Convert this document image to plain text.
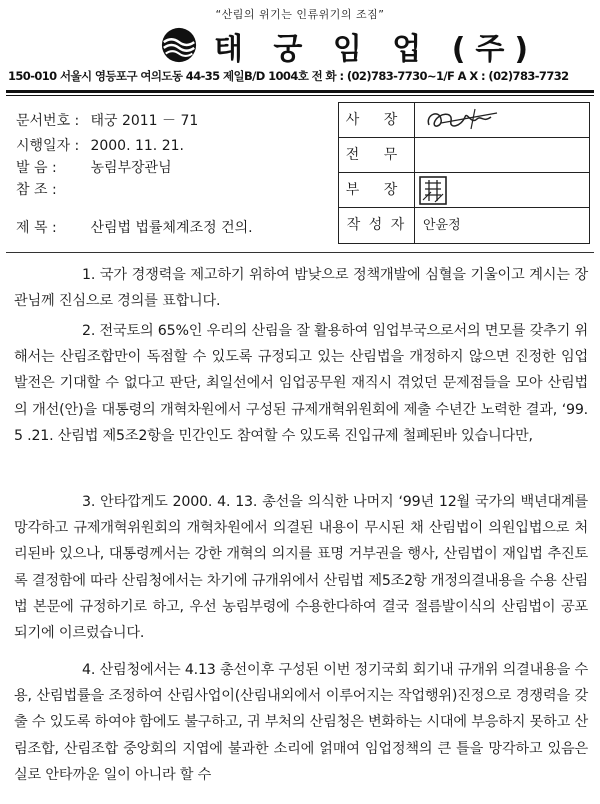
“산림의 위기는 인류위기의 조짐”
태 궁 임 업 (주)
150-010 서울시 영등포구 여의도동 44-35 제일B/D 1004호 전 화 : (02)783-7730~1/F A X : (02)783-7732
문서번호 : 태궁 2011 － 71
시행일자 : 2000. 11. 21.
발 음 : 농림부장관님
참 조 :
제 목 : 산림법 법률체계조정 건의.
사 장
전 무
부 장
작 성 자	안윤정
1. 국가 경쟁력을 제고하기 위하여 밤낮으로 정책개발에 심혈을 기울이고 계시는 장관님께 진심으로 경의를 표합니다.
2. 전국토의 65%인 우리의 산림을 잘 활용하여 임업부국으로서의 면모를 갖추기 위해서는 산림조합만이 독점할 수 있도록 규정되고 있는 산림법을 개정하지 않으면 진정한 임업발전은 기대할 수 없다고 판단, 최일선에서 임업공무원 재직시 겪었던 문제점들을 모아 산림법의 개선(안)을 대통령의 개혁차원에서 구성된 규제개혁위원회에 제출 수년간 노력한 결과, ‘99. 5 .21. 산림법 제5조2항을 민간인도 참여할 수 있도록 진입규제 철폐된바 있습니다만,
3. 안타깝게도 2000. 4. 13. 총선을 의식한 나머지 ‘99년 12월 국가의 백년대계를 망각하고 규제개혁위원회의 개혁차원에서 의결된 내용이 무시된 채 산림법이 의원입법으로 처리된바 있으나, 대통령께서는 강한 개혁의 의지를 표명 거부권을 행사, 산림법이 재입법 추진토록 결정함에 따라 산림청에서는 차기에 규개위에서 산림법 제5조2항 개정의결내용을 수용 산림법 본문에 규정하기로 하고, 우선 농림부령에 수용한다하여 결국 절름발이식의 산림법이 공포되기에 이르렀습니다.
4. 산림청에서는 4.13 총선이후 구성된 이번 정기국회 회기내 규개위 의결내용을 수용, 산림법률을 조정하여 산림사업이(산림내외에서 이루어지는 작업행위)진정으로 경쟁력을 갖출 수 있도록 하여야 함에도 불구하고, 귀 부처의 산림청은 변화하는 시대에 부응하지 못하고 산림조합, 산림조합 중앙회의 지엽에 불과한 소리에 얽매여 임업정책의 큰 틀을 망각하고 있음은 실로 안타까운 일이 아니라 할 수
